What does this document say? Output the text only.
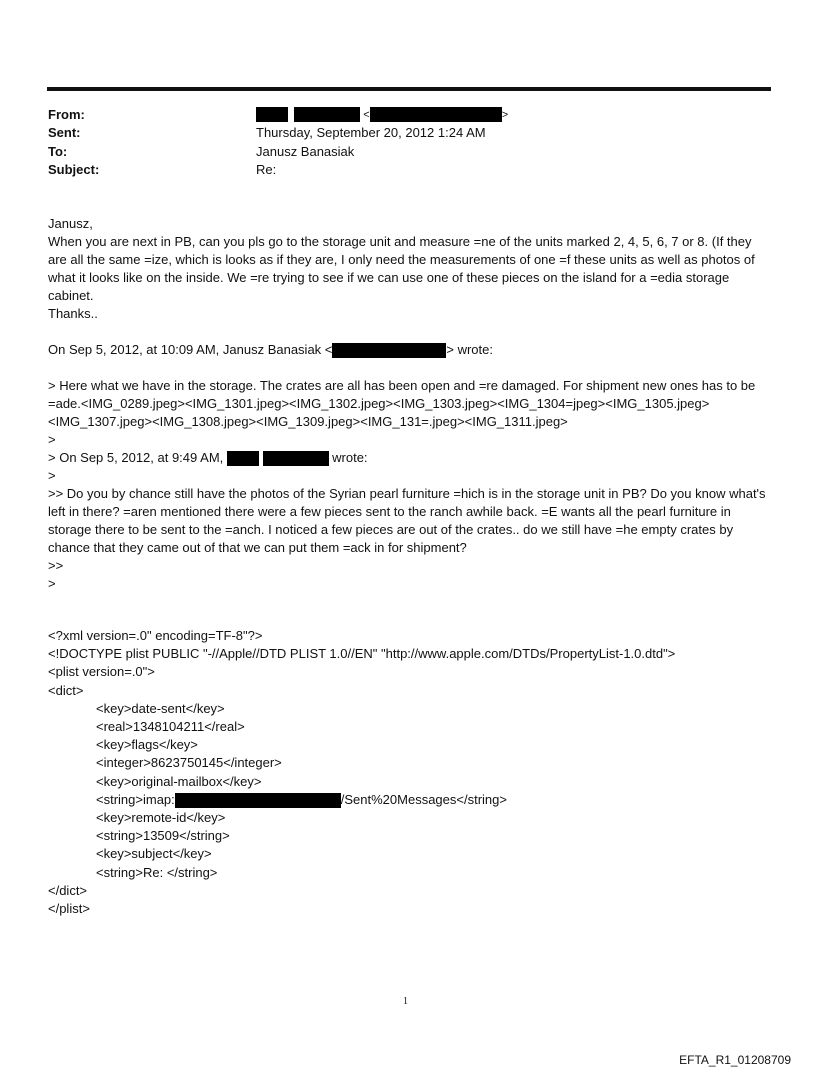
From:	<	>
Sent:	Thursday, September 20, 2012 1:24 AM
To:	Janusz Banasiak
Subject:	Re:

Janusz,

When you are next in PB, can you pls go to the storage unit and measure =ne of the units marked 2, 4, 5, 6, 7 or 8. (If they are all the same =ize, which is looks as if they are, I only need the measurements of one =f these units as well as photos of what it looks like on the inside. We =re trying to see if we can use one of these pieces on the island for a =edia storage cabinet.

Thanks..

On Sep 5, 2012, at 10:09 AM, Janusz Banasiak <	> wrote:

> Here what we have in the storage. The crates are all has been open and =re damaged. For shipment new ones has to be

=ade.<IMG_0289.jpeg><IMG_1301.jpeg><IMG_1302.jpeg><IMG_1303.jpeg><IMG_1304=jpeg><IMG_1305.jpeg><IMG_1307.jpeg><IMG_1308.jpeg><IMG_1309.jpeg><IMG_131=.jpeg><IMG_1311.jpeg>

>

> On Sep 5, 2012, at 9:49 AM,	wrote:

>

>> Do you by chance still have the photos of the Syrian pearl furniture =hich is in the storage unit in PB? Do you know what's left in there? =aren mentioned there were a few pieces sent to the ranch awhile back. =E wants all the pearl furniture in storage there to be sent to the =anch. I noticed a few pieces are out of the crates.. do we still have =he empty crates by chance that they came out of that we can put them =ack in for shipment?

>>

>

<?xml version=.0" encoding=TF-8"?>
<!DOCTYPE plist PUBLIC "-//Apple//DTD PLIST 1.0//EN" "http://www.apple.com/DTDs/PropertyList-1.0.dtd">
<plist version=.0">
<dict>
<key>date-sent</key>
<real>1348104211</real>
<key>flags</key>
<integer>8623750145</integer>
<key>original-mailbox</key>
<string>imap:	/Sent%20Messages</string>
<key>remote-id</key>
<string>13509</string>
<key>subject</key>
<string>Re: </string>
</dict>
</plist>
1
EFTA_R1_01208709
